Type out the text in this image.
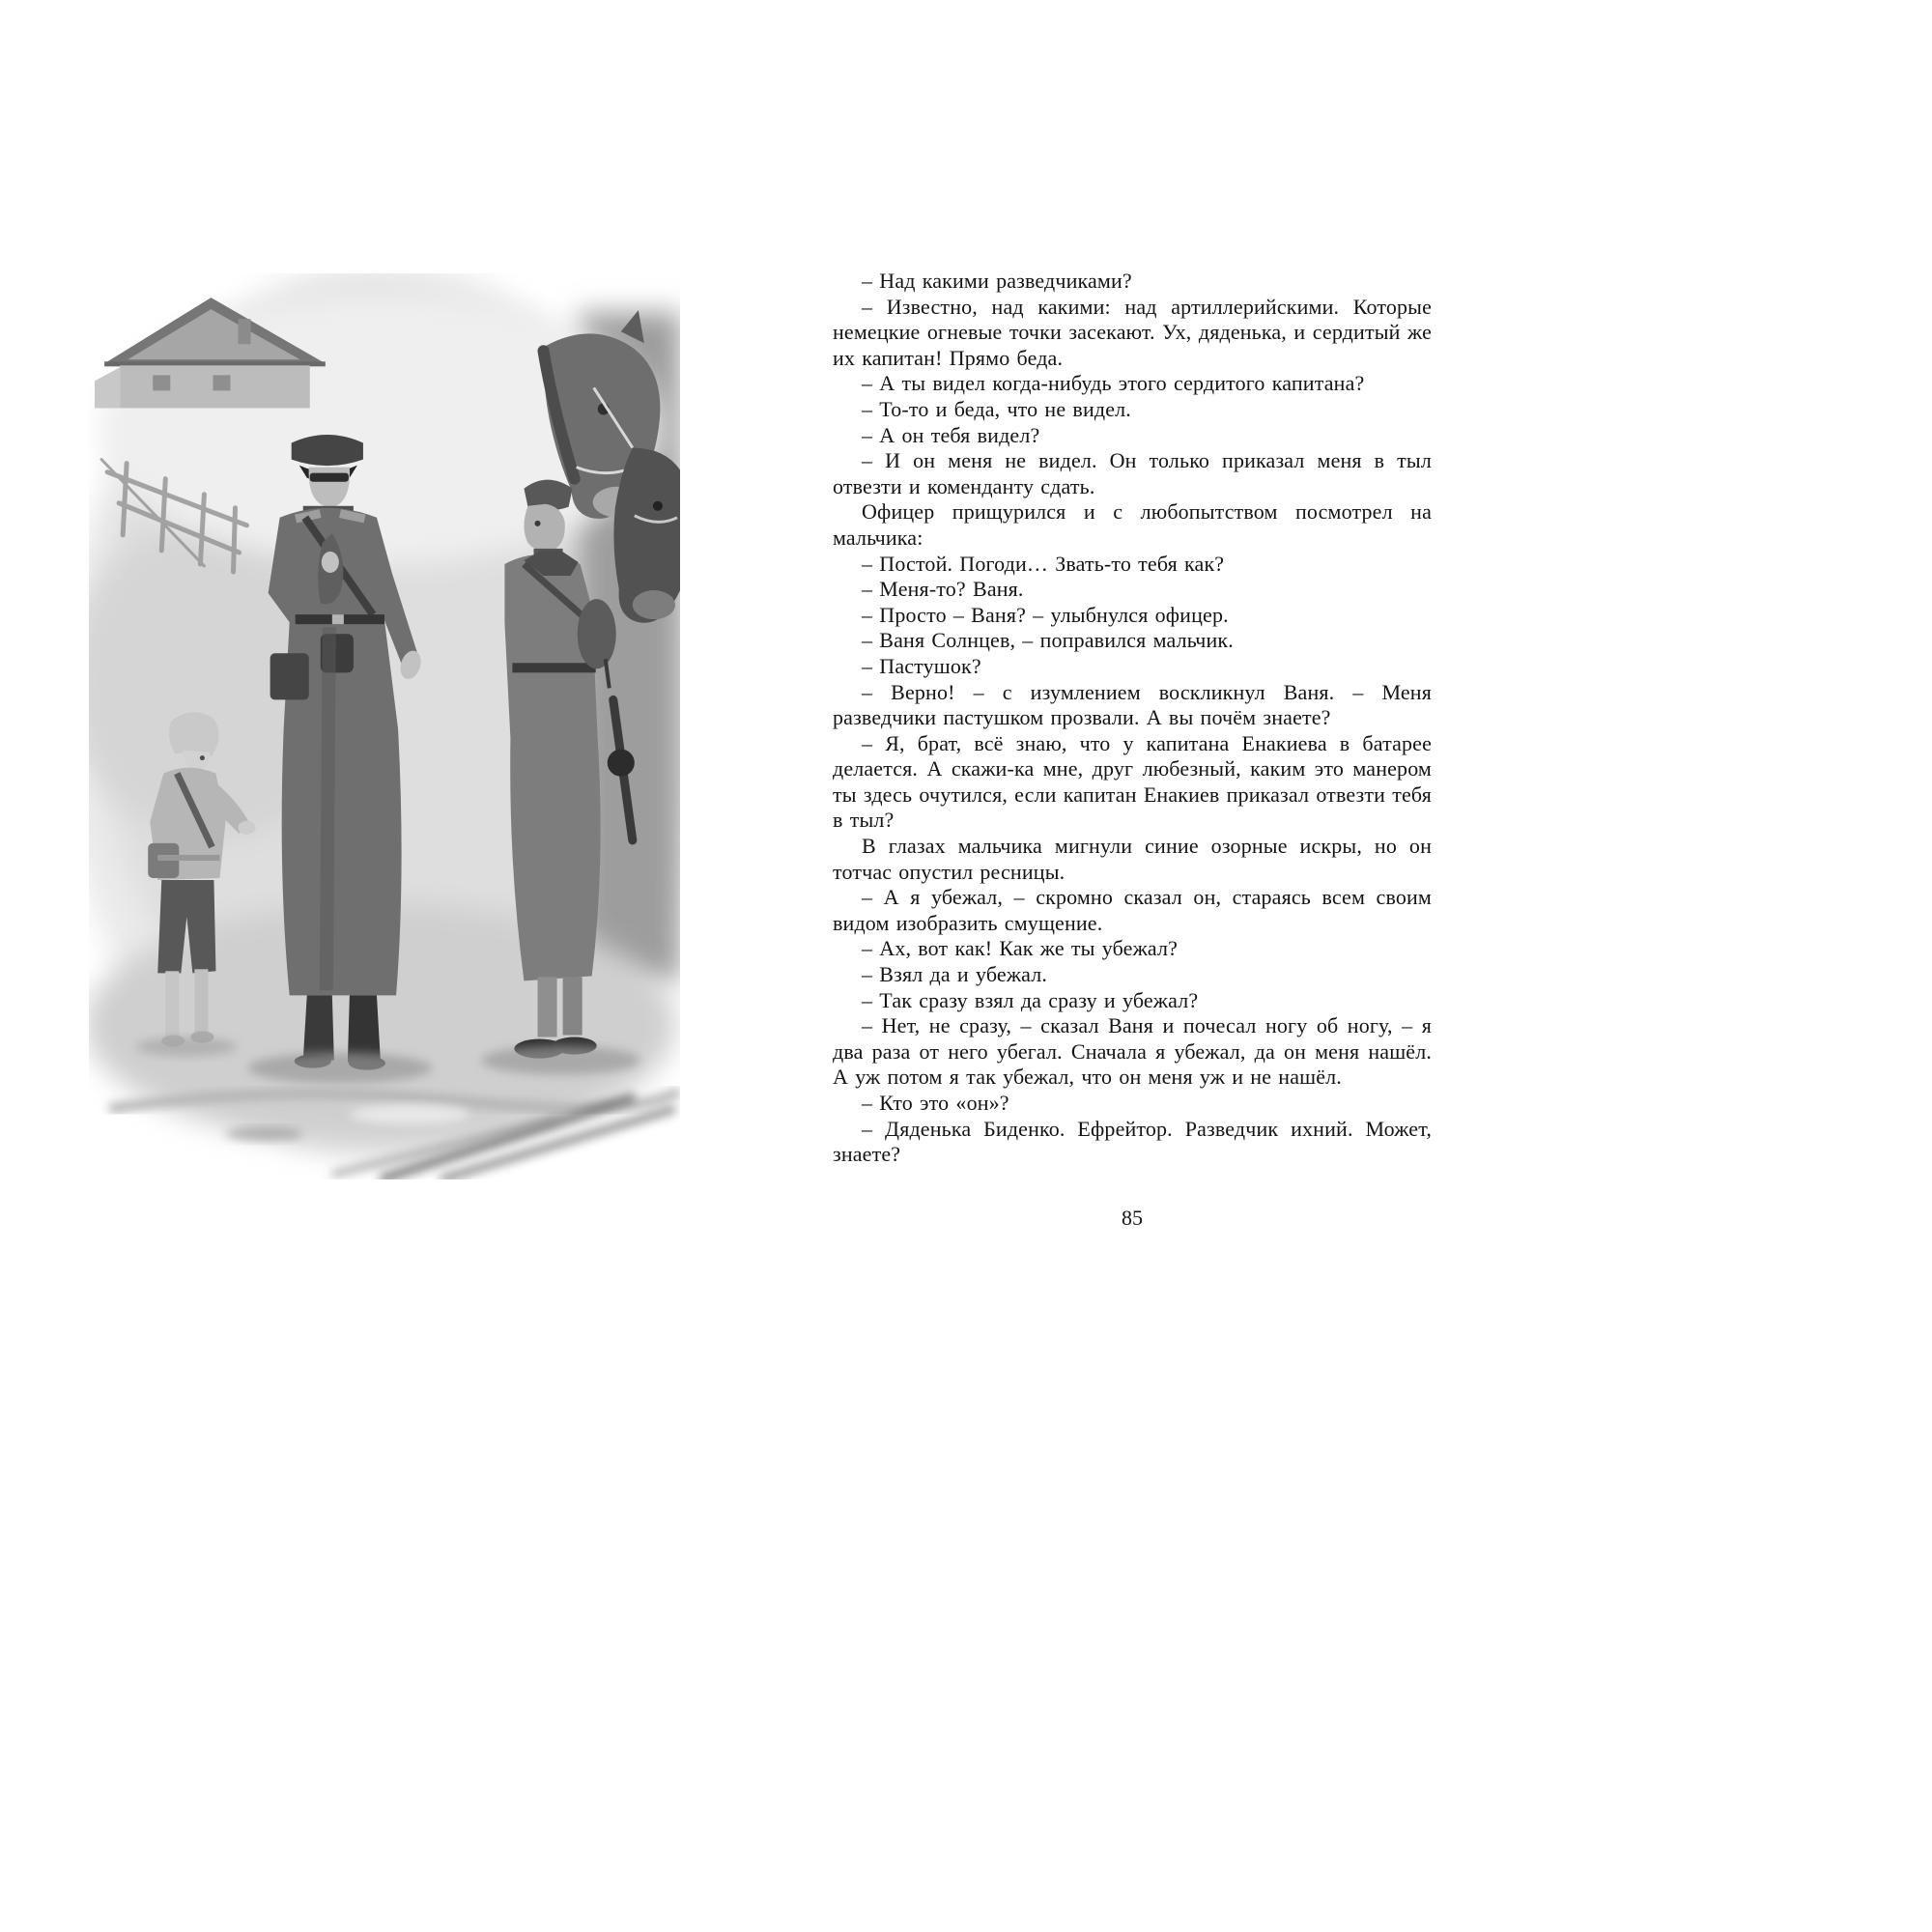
– Над какими разведчиками?

– Известно, над какими: над артиллерийскими. Которые немецкие огневые точки засекают. Ух, дяденька, и сердитый же их капитан! Прямо беда.

– А ты видел когда-нибудь этого сердитого капитана?

– То-то и беда, что не видел.

– А он тебя видел?

– И он меня не видел. Он только приказал меня в тыл отвезти и коменданту сдать.

Офицер прищурился и с любопытством посмотрел на мальчика:

– Постой. Погоди… Звать-то тебя как?

– Меня-то? Ваня.

– Просто – Ваня? – улыбнулся офицер.

– Ваня Солнцев, – поправился мальчик.

– Пастушок?

– Верно! – с изумлением воскликнул Ваня. – Меня разведчики пастушком прозвали. А вы почём знаете?

– Я, брат, всё знаю, что у капитана Енакиева в батарее делается. А скажи-ка мне, друг любезный, каким это манером ты здесь очутился, если капитан Енакиев приказал отвезти тебя в тыл?

В глазах мальчика мигнули синие озорные искры, но он тотчас опустил ресницы.

– А я убежал, – скромно сказал он, стараясь всем своим видом изобразить смущение.

– Ах, вот как! Как же ты убежал?

– Взял да и убежал.

– Так сразу взял да сразу и убежал?

– Нет, не сразу, – сказал Ваня и почесал ногу об ногу, – я два раза от него убегал. Сначала я убежал, да он меня нашёл. А уж потом я так убежал, что он меня уж и не нашёл.

– Кто это «он»?

– Дяденька Биденко. Ефрейтор. Разведчик ихний. Может, знаете?

85
